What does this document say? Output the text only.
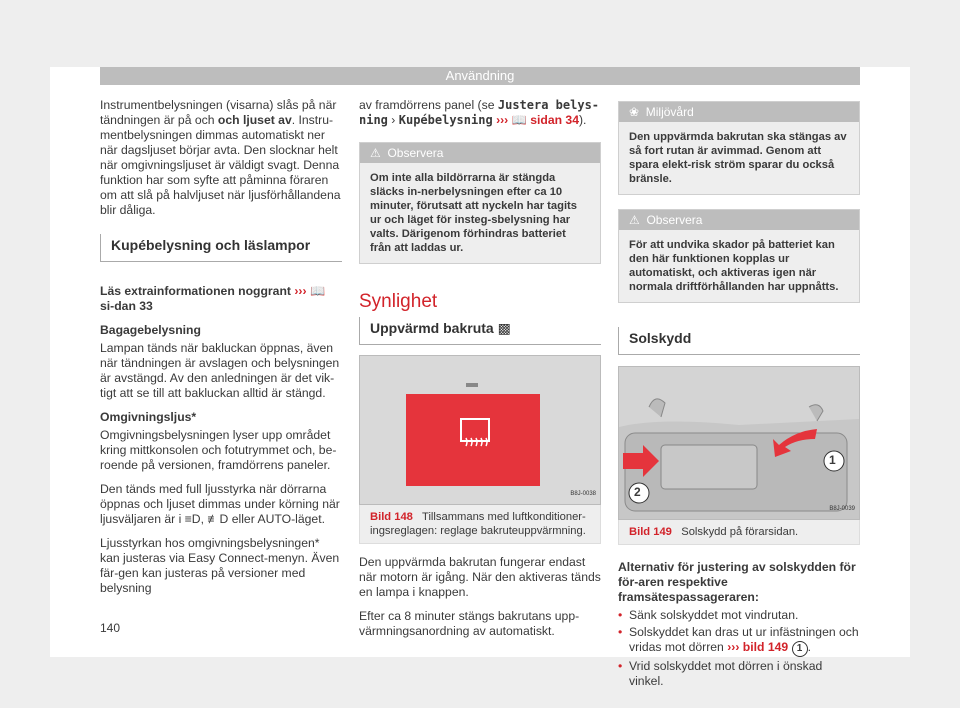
Användning

Instrumentbelysningen (visarna) slås på när tändningen är på och och ljuset av. Instru-mentbelysningen dimmas automatiskt ner när dagsljuset börjar avta. Den slocknar helt när omgivningsljuset är väldigt svagt. Denna funktion har som syfte att påminna föraren om att slå på halvljuset när ljusförhållandena blir dåliga.

Kupébelysning och läslampor

Läs extrainformationen noggrant ››› 📖 si-dan 33

Bagagebelysning

Lampan tänds när bakluckan öppnas, även när tändningen är avslagen och belysningen är avstängd. Av den anledningen är det vik-tigt att se till att bakluckan alltid är stängd.

Omgivningsljus*

Omgivningsbelysningen lyser upp området kring mittkonsolen och fotutrymmet och, be-roende på versionen, framdörrens paneler.

Den tänds med full ljusstyrka när dörrarna öppnas och ljuset dimmas under körning när ljusväljaren är i ≡D, ≢D eller AUTO-läget.

Ljusstyrkan hos omgivningsbelysningen* kan justeras via Easy Connect-menyn. Även fär-gen kan justeras på versioner med belysning

av framdörrens panel (se Justera belys-ning › Kupébelysning ››› 📖 sidan 34).

⚠ Observera
Om inte alla bildörrarna är stängda släcks in-nerbelysningen efter ca 10 minuter, förutsatt att nyckeln har tagits ur och läget för insteg-sbelysning har valts. Därigenom förhindras batteriet från att laddas ur.
Synlighet
Uppvärmd bakruta ▩
B8J-0038
Bild 148 Tillsammans med luftkonditioner-ingsreglagen: reglage bakruteuppvärmning.

Den uppvärmda bakrutan fungerar endast när motorn är igång. När den aktiveras tänds en lampa i knappen.

Efter ca 8 minuter stängs bakrutans upp-värmningsanordning av automatiskt.

❀ Miljövård
Den uppvärmda bakrutan ska stängas av så fort rutan är avimmad. Genom att spara elekt-risk ström sparar du också bränsle.
⚠ Observera
För att undvika skador på batteriet kan den här funktionen kopplas ur automatiskt, och aktiveras igen när normala driftförhållanden har uppnåtts.
Solskydd
1
2
B8J-0039
Bild 149 Solskydd på förarsidan.

Alternativ för justering av solskydden för för-aren respektive framsätespassageraren:

• Sänk solskyddet mot vindrutan.
• Solskyddet kan dras ut ur infästningen och vridas mot dörren ››› bild 149 1 .
• Vrid solskyddet mot dörren i önskad vinkel.
140
